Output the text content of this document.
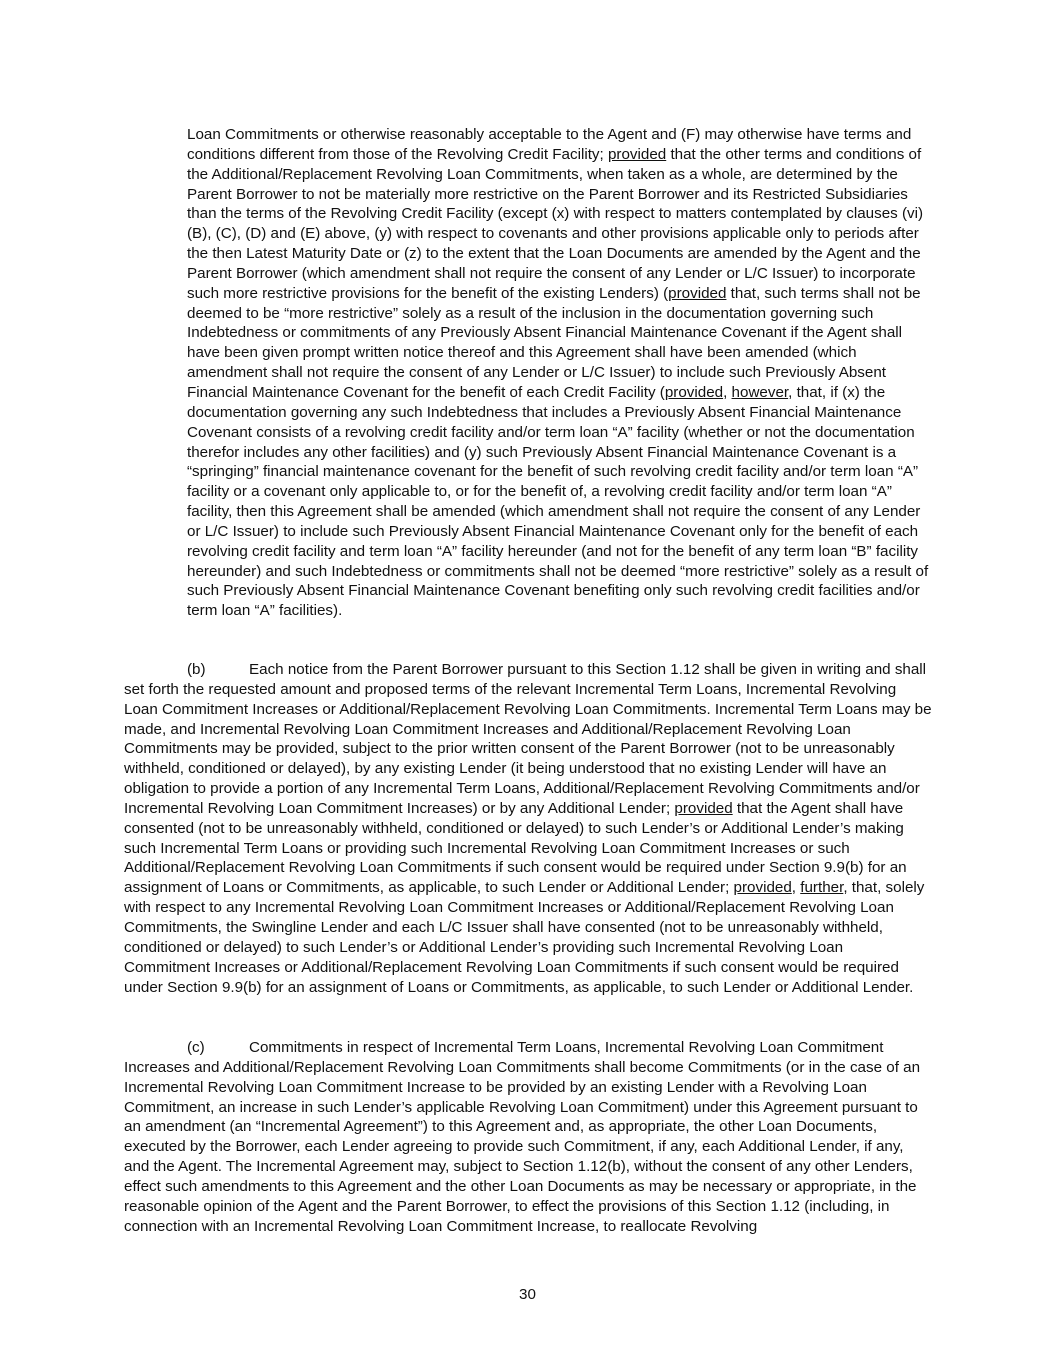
Loan Commitments or otherwise reasonably acceptable to the Agent and (F) may otherwise have terms and conditions different from those of the Revolving Credit Facility; provided that the other terms and conditions of the Additional/Replacement Revolving Loan Commitments, when taken as a whole, are determined by the Parent Borrower to not be materially more restrictive on the Parent Borrower and its Restricted Subsidiaries than the terms of the Revolving Credit Facility (except (x) with respect to matters contemplated by clauses (vi)(B), (C), (D) and (E) above, (y) with respect to covenants and other provisions applicable only to periods after the then Latest Maturity Date or (z) to the extent that the Loan Documents are amended by the Agent and the Parent Borrower (which amendment shall not require the consent of any Lender or L/C Issuer) to incorporate such more restrictive provisions for the benefit of the existing Lenders) (provided that, such terms shall not be deemed to be “more restrictive” solely as a result of the inclusion in the documentation governing such Indebtedness or commitments of any Previously Absent Financial Maintenance Covenant if the Agent shall have been given prompt written notice thereof and this Agreement shall have been amended (which amendment shall not require the consent of any Lender or L/C Issuer) to include such Previously Absent Financial Maintenance Covenant for the benefit of each Credit Facility (provided, however, that, if (x) the documentation governing any such Indebtedness that includes a Previously Absent Financial Maintenance Covenant consists of a revolving credit facility and/or term loan “A” facility (whether or not the documentation therefor includes any other facilities) and (y) such Previously Absent Financial Maintenance Covenant is a “springing” financial maintenance covenant for the benefit of such revolving credit facility and/or term loan “A” facility or a covenant only applicable to, or for the benefit of, a revolving credit facility and/or term loan “A” facility, then this Agreement shall be amended (which amendment shall not require the consent of any Lender or L/C Issuer) to include such Previously Absent Financial Maintenance Covenant only for the benefit of each revolving credit facility and term loan “A” facility hereunder (and not for the benefit of any term loan “B” facility hereunder) and such Indebtedness or commitments shall not be deemed “more restrictive” solely as a result of such Previously Absent Financial Maintenance Covenant benefiting only such revolving credit facilities and/or term loan “A” facilities).

(b)	Each notice from the Parent Borrower pursuant to this Section 1.12 shall be given in writing and shall set forth the requested amount and proposed terms of the relevant Incremental Term Loans, Incremental Revolving Loan Commitment Increases or Additional/Replacement Revolving Loan Commitments. Incremental Term Loans may be made, and Incremental Revolving Loan Commitment Increases and Additional/Replacement Revolving Loan Commitments may be provided, subject to the prior written consent of the Parent Borrower (not to be unreasonably withheld, conditioned or delayed), by any existing Lender (it being understood that no existing Lender will have an obligation to provide a portion of any Incremental Term Loans, Additional/Replacement Revolving Commitments and/or Incremental Revolving Loan Commitment Increases) or by any Additional Lender; provided that the Agent shall have consented (not to be unreasonably withheld, conditioned or delayed) to such Lender’s or Additional Lender’s making such Incremental Term Loans or providing such Incremental Revolving Loan Commitment Increases or such Additional/Replacement Revolving Loan Commitments if such consent would be required under Section 9.9(b) for an assignment of Loans or Commitments, as applicable, to such Lender or Additional Lender; provided, further, that, solely with respect to any Incremental Revolving Loan Commitment Increases or Additional/Replacement Revolving Loan Commitments, the Swingline Lender and each L/C Issuer shall have consented (not to be unreasonably withheld, conditioned or delayed) to such Lender’s or Additional Lender’s providing such Incremental Revolving Loan Commitment Increases or Additional/Replacement Revolving Loan Commitments if such consent would be required under Section 9.9(b) for an assignment of Loans or Commitments, as applicable, to such Lender or Additional Lender.

(c)	Commitments in respect of Incremental Term Loans, Incremental Revolving Loan Commitment Increases and Additional/Replacement Revolving Loan Commitments shall become Commitments (or in the case of an Incremental Revolving Loan Commitment Increase to be provided by an existing Lender with a Revolving Loan Commitment, an increase in such Lender’s applicable Revolving Loan Commitment) under this Agreement pursuant to an amendment (an “Incremental Agreement”) to this Agreement and, as appropriate, the other Loan Documents, executed by the Borrower, each Lender agreeing to provide such Commitment, if any, each Additional Lender, if any, and the Agent. The Incremental Agreement may, subject to Section 1.12(b), without the consent of any other Lenders, effect such amendments to this Agreement and the other Loan Documents as may be necessary or appropriate, in the reasonable opinion of the Agent and the Parent Borrower, to effect the provisions of this Section 1.12 (including, in connection with an Incremental Revolving Loan Commitment Increase, to reallocate Revolving

30
